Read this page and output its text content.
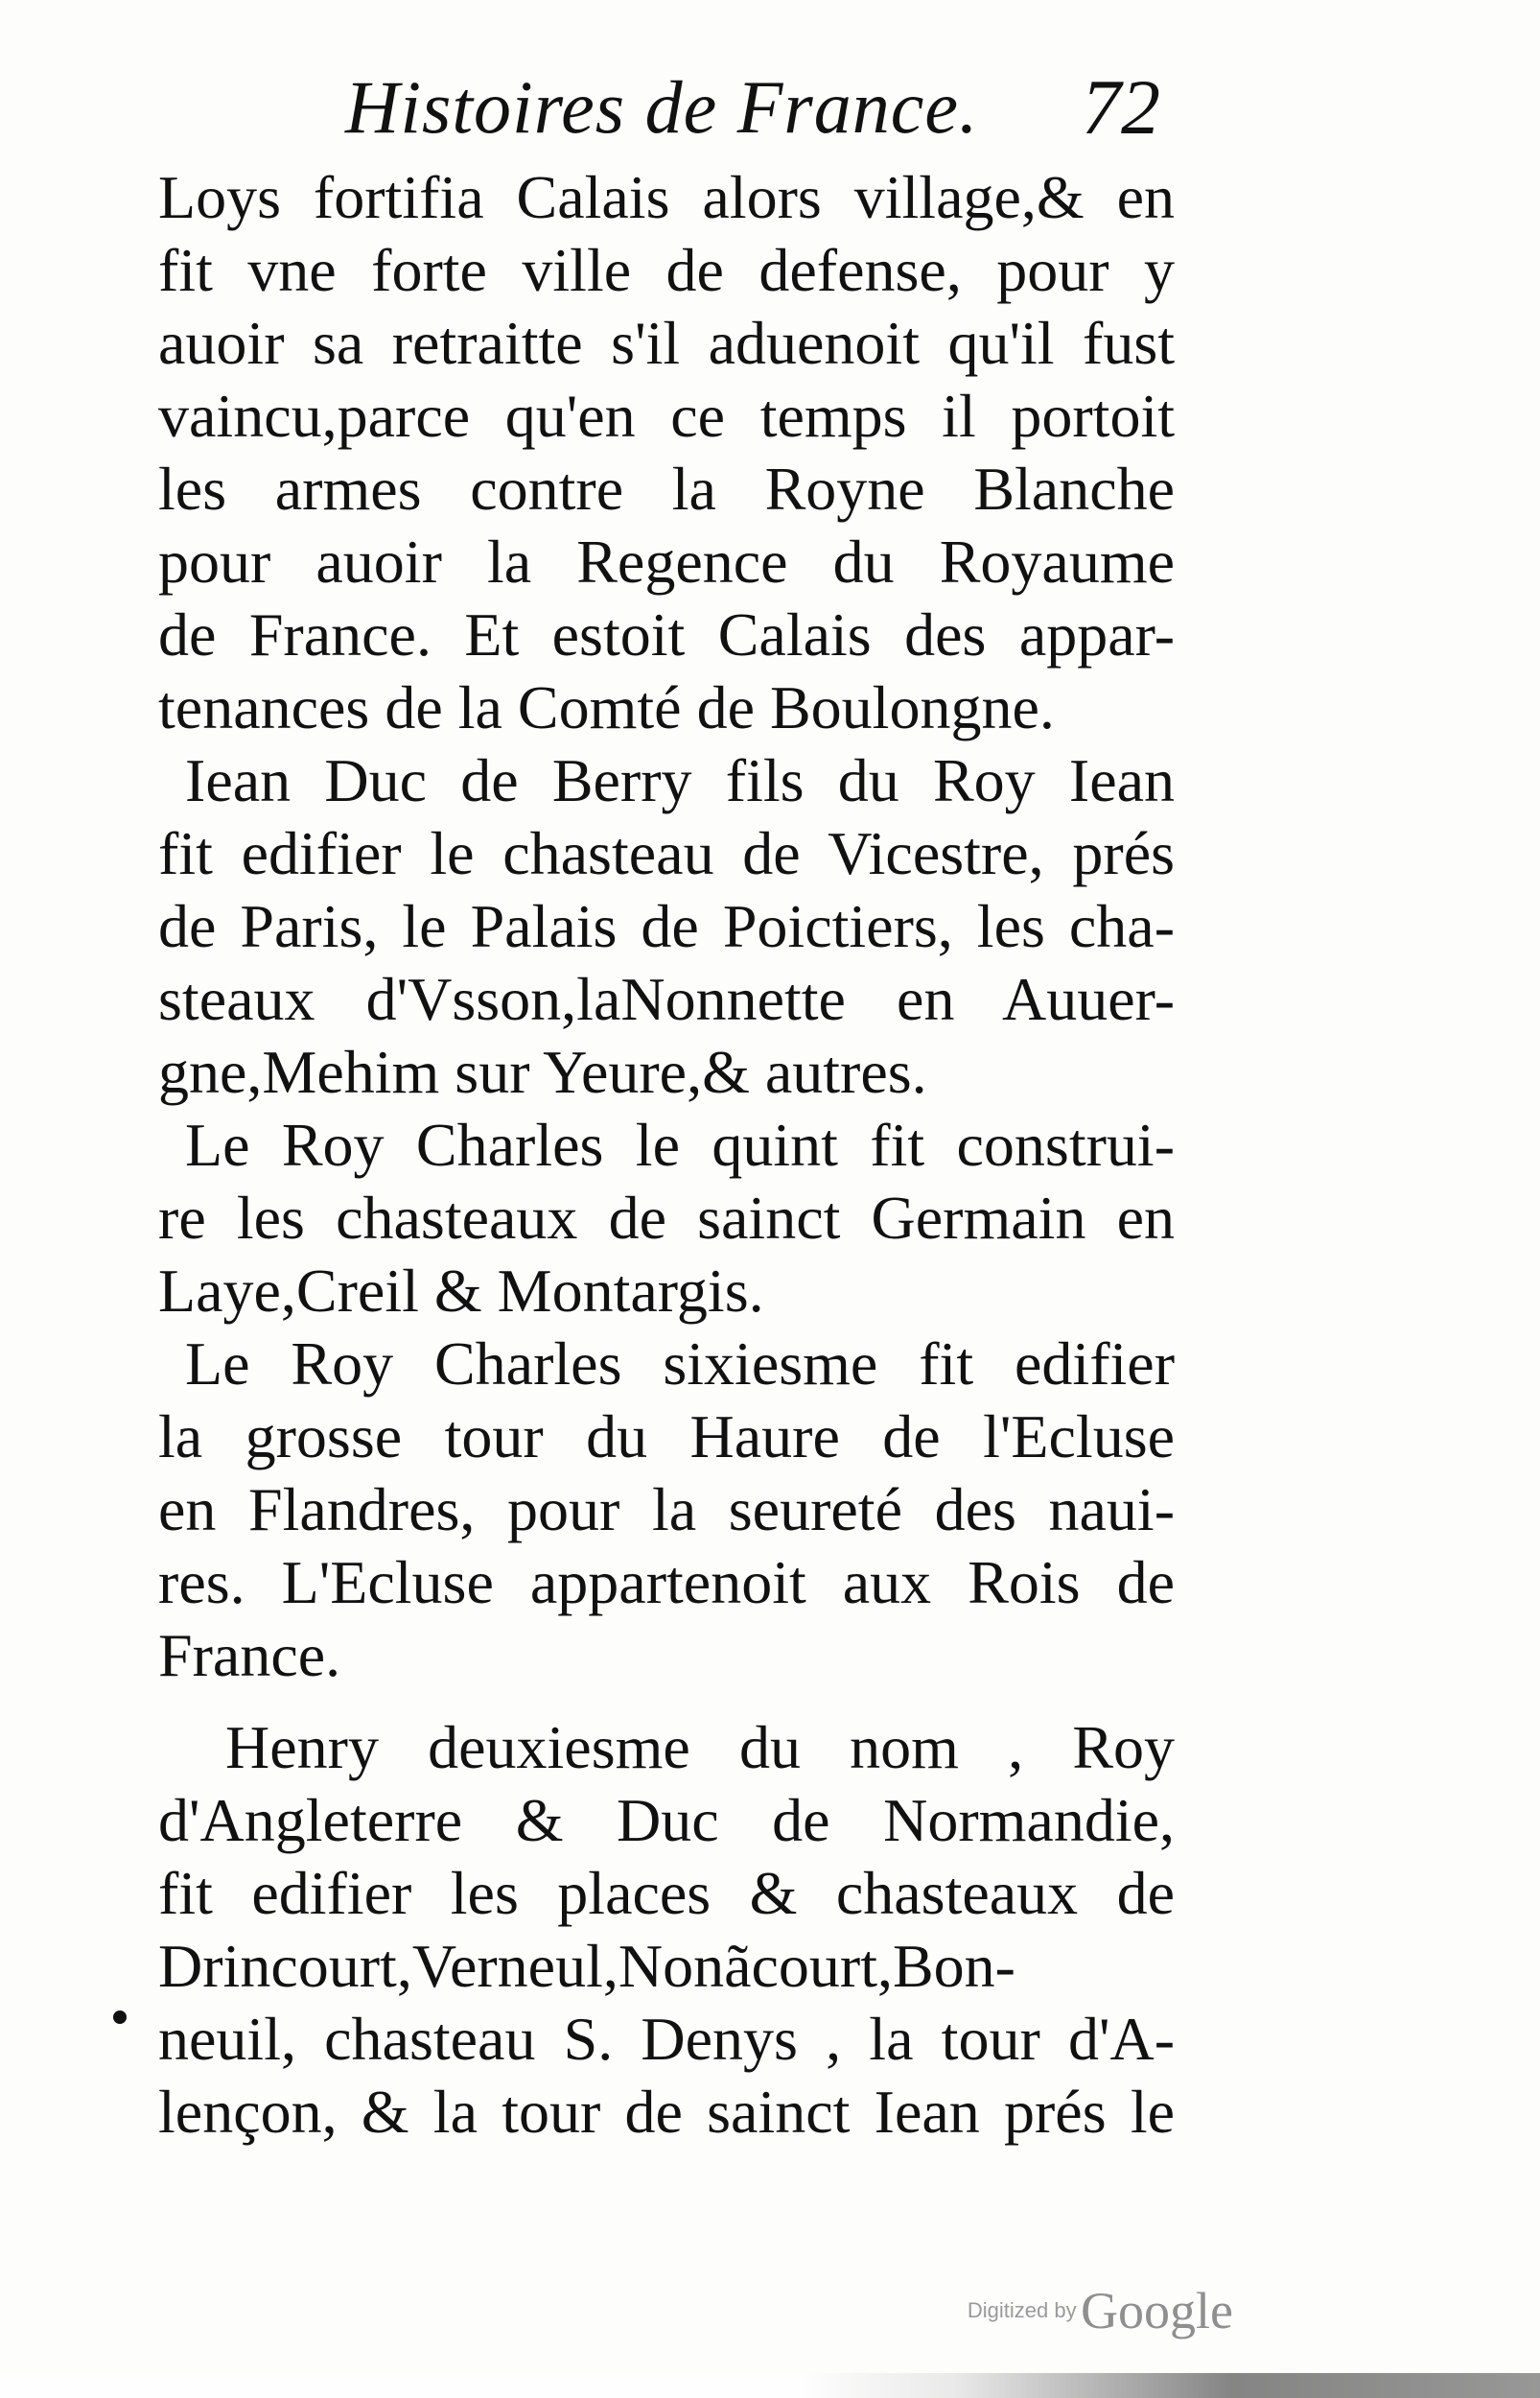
Histoires de France. 72
Loys fortifia Calais alors village,& en
fit vne forte ville de defense, pour y
auoir sa retraitte s'il aduenoit qu'il fust
vaincu,parce qu'en ce temps il portoit
les armes contre la Royne Blanche
pour auoir la Regence du Royaume
de France. Et estoit Calais des appar-
tenances de la Comté de Boulongne.
Iean Duc de Berry fils du Roy Iean
fit edifier le chasteau de Vicestre, prés
de Paris, le Palais de Poictiers, les cha-
steaux d'Vsson,laNonnette en Auuer-
gne,Mehim sur Yeure,& autres.
Le Roy Charles le quint fit construi-
re les chasteaux de sainct Germain en
Laye,Creil & Montargis.
Le Roy Charles sixiesme fit edifier
la grosse tour du Haure de l'Ecluse
en Flandres, pour la seureté des naui-
res. L'Ecluse appartenoit aux Rois de
France.
Henry deuxiesme du nom , Roy
d'Angleterre & Duc de Normandie,
fit edifier les places & chasteaux de
Drincourt,Verneul,Nonãcourt,Bon-
neuil, chasteau S. Denys , la tour d'A-
lençon, & la tour de sainct Iean prés le
Digitized by Google
